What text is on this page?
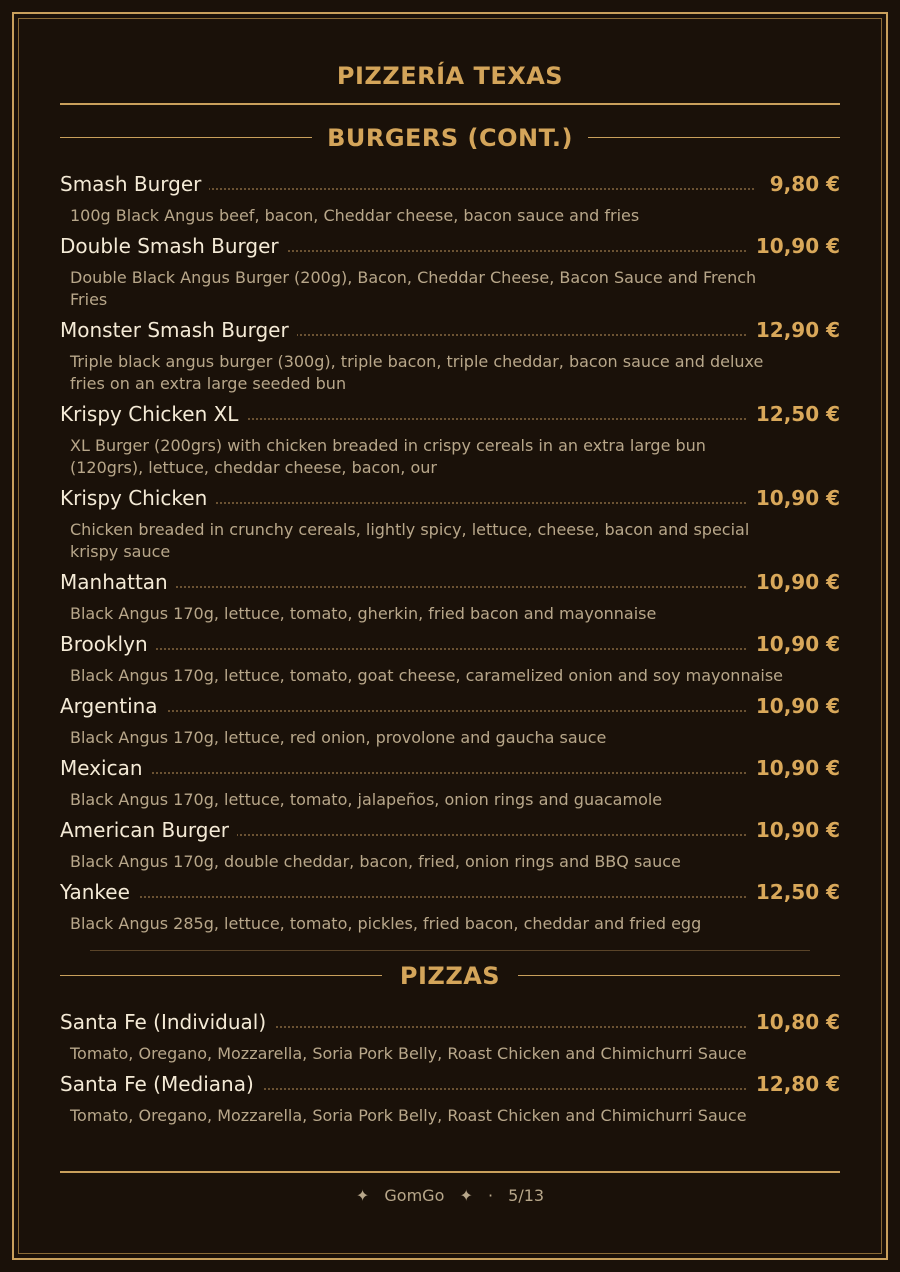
PIZZERÍA TEXAS
BURGERS (CONT.)
Smash Burger	9,80 €
100g Black Angus beef, bacon, Cheddar cheese, bacon sauce and fries
Double Smash Burger	10,90 €
Double Black Angus Burger (200g), Bacon, Cheddar Cheese, Bacon Sauce and French Fries
Monster Smash Burger	12,90 €
Triple black angus burger (300g), triple bacon, triple cheddar, bacon sauce and deluxe fries on an extra large seeded bun
Krispy Chicken XL	12,50 €
XL Burger (200grs) with chicken breaded in crispy cereals in an extra large bun (120grs), lettuce, cheddar cheese, bacon, our
Krispy Chicken	10,90 €
Chicken breaded in crunchy cereals, lightly spicy, lettuce, cheese, bacon and special krispy sauce
Manhattan	10,90 €
Black Angus 170g, lettuce, tomato, gherkin, fried bacon and mayonnaise
Brooklyn	10,90 €
Black Angus 170g, lettuce, tomato, goat cheese, caramelized onion and soy mayonnaise
Argentina	10,90 €
Black Angus 170g, lettuce, red onion, provolone and gaucha sauce
Mexican	10,90 €
Black Angus 170g, lettuce, tomato, jalapeños, onion rings and guacamole
American Burger	10,90 €
Black Angus 170g, double cheddar, bacon, fried, onion rings and BBQ sauce
Yankee	12,50 €
Black Angus 285g, lettuce, tomato, pickles, fried bacon, cheddar and fried egg
PIZZAS
Santa Fe (Individual)	10,80 €
Tomato, Oregano, Mozzarella, Soria Pork Belly, Roast Chicken and Chimichurri Sauce
Santa Fe (Mediana)	12,80 €
Tomato, Oregano, Mozzarella, Soria Pork Belly, Roast Chicken and Chimichurri Sauce
✦ GomGo ✦ · 5/13
